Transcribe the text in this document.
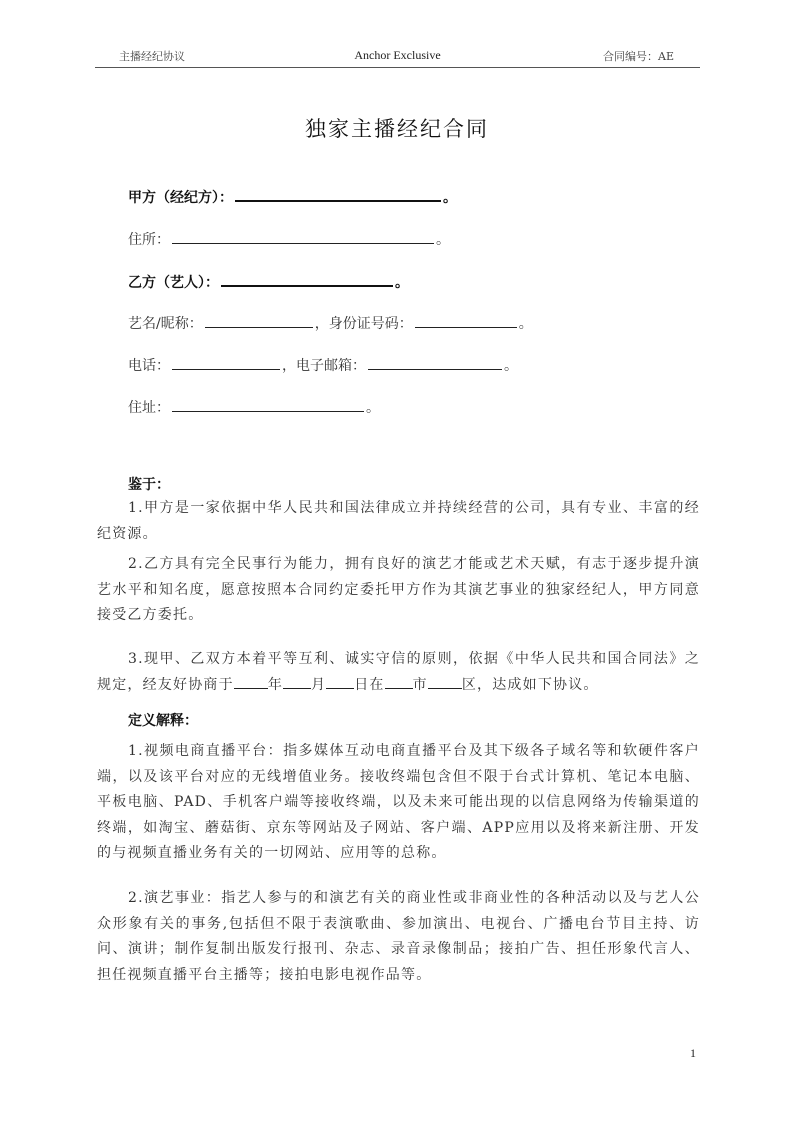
主播经纪协议	Anchor Exclusive	合同编号：AE
独家主播经纪合同
甲方（经纪方）：	。
住所：	。
乙方（艺人）：	。
艺名/昵称：	，身份证号码：	。
电话：	，电子邮箱：	。
住址：	。
鉴于：
1.甲方是一家依据中华人民共和国法律成立并持续经营的公司，具有专业、丰富的经纪资源。
2.乙方具有完全民事行为能力，拥有良好的演艺才能或艺术天赋，有志于逐步提升演艺水平和知名度，愿意按照本合同约定委托甲方作为其演艺事业的独家经纪人，甲方同意接受乙方委托。
3.现甲、乙双方本着平等互利、诚实守信的原则，依据《中华人民共和国合同法》之规定，经友好协商于 年 月 日在 市 区，达成如下协议。
定义解释：
1.视频电商直播平台：指多媒体互动电商直播平台及其下级各子域名等和软硬件客户端，以及该平台对应的无线增值业务。接收终端包含但不限于台式计算机、笔记本电脑、平板电脑、PAD、手机客户端等接收终端，以及未来可能出现的以信息网络为传输渠道的终端，如淘宝、蘑菇街、京东等网站及子网站、客户端、APP应用以及将来新注册、开发的与视频直播业务有关的一切网站、应用等的总称。
2.演艺事业：指艺人参与的和演艺有关的商业性或非商业性的各种活动以及与艺人公众形象有关的事务,包括但不限于表演歌曲、参加演出、电视台、广播电台节目主持、访问、演讲；制作复制出版发行报刊、杂志、录音录像制品；接拍广告、担任形象代言人、担任视频直播平台主播等；接拍电影电视作品等。
1
